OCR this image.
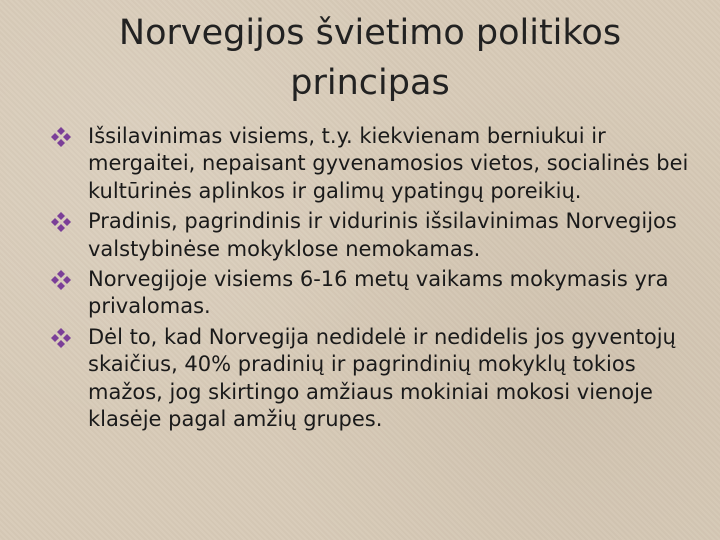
Norvegijos švietimo politikos principas
Išsilavinimas visiems, t.y. kiekvienam berniukui ir mergaitei, nepaisant gyvenamosios vietos, socialinės bei kultūrinės aplinkos ir galimų ypatingų poreikių.
Pradinis, pagrindinis ir vidurinis išsilavinimas Norvegijos valstybinėse mokyklose nemokamas.
Norvegijoje visiems 6-16 metų vaikams mokymasis yra privalomas.
Dėl to, kad Norvegija nedidelė ir nedidelis jos gyventojų skaičius, 40% pradinių ir pagrindinių mokyklų tokios mažos, jog skirtingo amžiaus mokiniai mokosi vienoje klasėje pagal amžių grupes.
